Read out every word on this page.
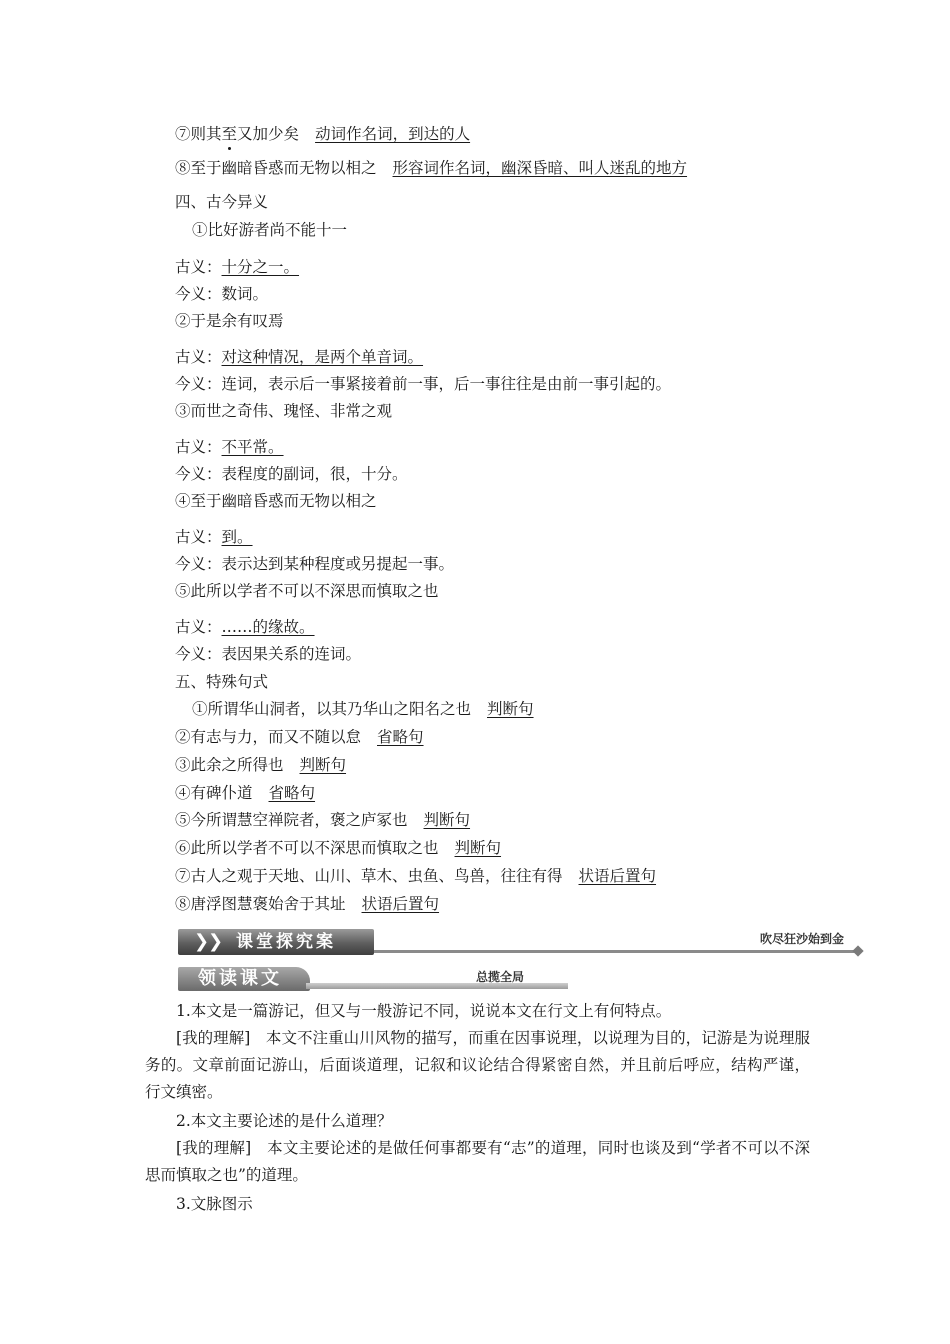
⑦则其至又加少矣 动词作名词，到达的人
⑧至于幽暗昏惑而无物以相之 形容词作名词，幽深昏暗、叫人迷乱的地方
四、古今异义
①比好游者尚不能十一
古义：十分之一。
今义：数词。
②于是余有叹焉
古义：对这种情况，是两个单音词。
今义：连词，表示后一事紧接着前一事，后一事往往是由前一事引起的。
③而世之奇伟、瑰怪、非常之观
古义：不平常。
今义：表程度的副词，很，十分。
④至于幽暗昏惑而无物以相之
古义：到。
今义：表示达到某种程度或另提起一事。
⑤此所以学者不可以不深思而慎取之也
古义：……的缘故。
今义：表因果关系的连词。
五、特殊句式
①所谓华山洞者，以其乃华山之阳名之也 判断句
②有志与力，而又不随以怠 省略句
③此余之所得也 判断句
④有碑仆道 省略句
⑤今所谓慧空禅院者，褒之庐冢也 判断句
⑥此所以学者不可以不深思而慎取之也 判断句
⑦古人之观于天地、山川、草木、虫鱼、鸟兽，往往有得 状语后置句
⑧唐浮图慧褒始舍于其址 状语后置句
❯
❯ 课堂探究案	吹尽狂沙始到金
领读课文	总揽全局
1.本文是一篇游记，但又与一般游记不同，说说本文在行文上有何特点。
[我的理解]　本文不注重山川风物的描写，而重在因事说理，以说理为目的，记游是为说理服务的。文章前面记游山，后面谈道理，记叙和议论结合得紧密自然，并且前后呼应，结构严谨，行文缜密。
2.本文主要论述的是什么道理？
[我的理解]　本文主要论述的是做任何事都要有“志”的道理，同时也谈及到“学者不可以不深思而慎取之也”的道理。
3.文脉图示
